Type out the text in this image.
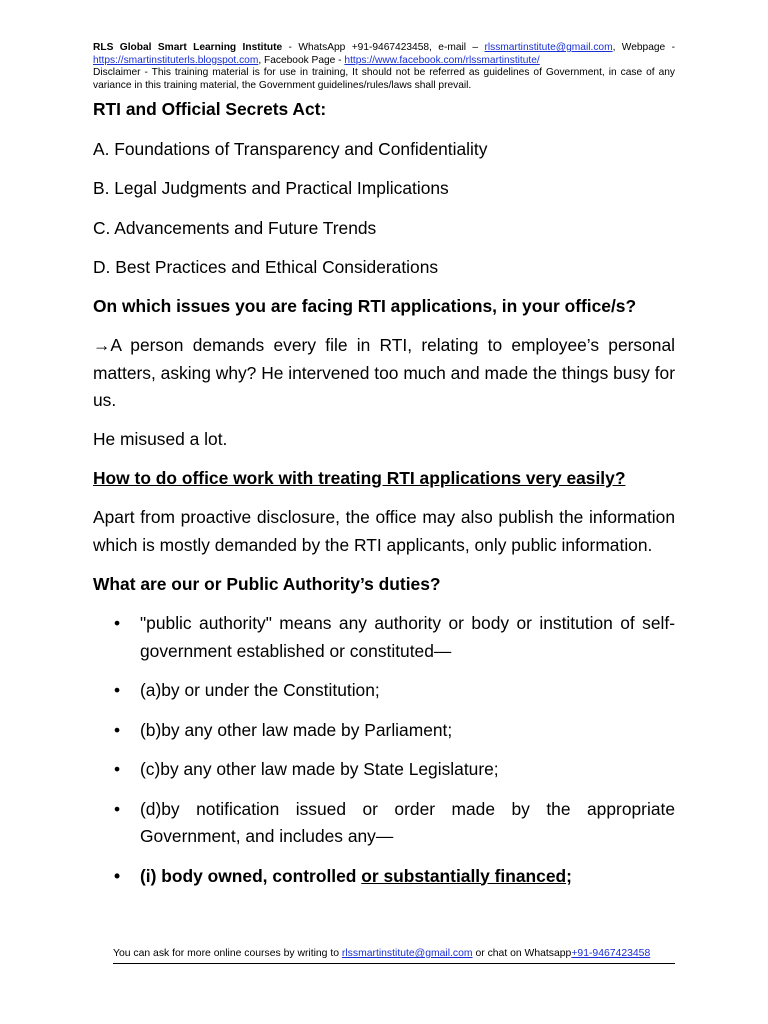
RLS Global Smart Learning Institute - WhatsApp +91-9467423458, e-mail – rlssmartinstitute@gmail.com, Webpage - https://smartinstituterls.blogspot.com, Facebook Page - https://www.facebook.com/rlssmartinstitute/
Disclaimer - This training material is for use in training, It should not be referred as guidelines of Government, in case of any variance in this training material, the Government guidelines/rules/laws shall prevail.

RTI and Official Secrets Act:

A. Foundations of Transparency and Confidentiality

B. Legal Judgments and Practical Implications

C. Advancements and Future Trends

D. Best Practices and Ethical Considerations

On which issues you are facing RTI applications, in your office/s?

→A person demands every file in RTI, relating to employee’s personal matters, asking why? He intervened too much and made the things busy for us.

He misused a lot.

How to do office work with treating RTI applications very easily?

Apart from proactive disclosure, the office may also publish the information which is mostly demanded by the RTI applicants, only public information.

What are our or Public Authority’s duties?

• "public authority" means any authority or body or institution of self- government established or constituted—
• (a)by or under the Constitution;
• (b)by any other law made by Parliament;
• (c)by any other law made by State Legislature;
• (d)by notification issued or order made by the appropriate Government, and includes any—
• (i) body owned, controlled or substantially financed;
You can ask for more online courses by writing to rlssmartinstitute@gmail.com or chat on Whatsapp+91-9467423458
